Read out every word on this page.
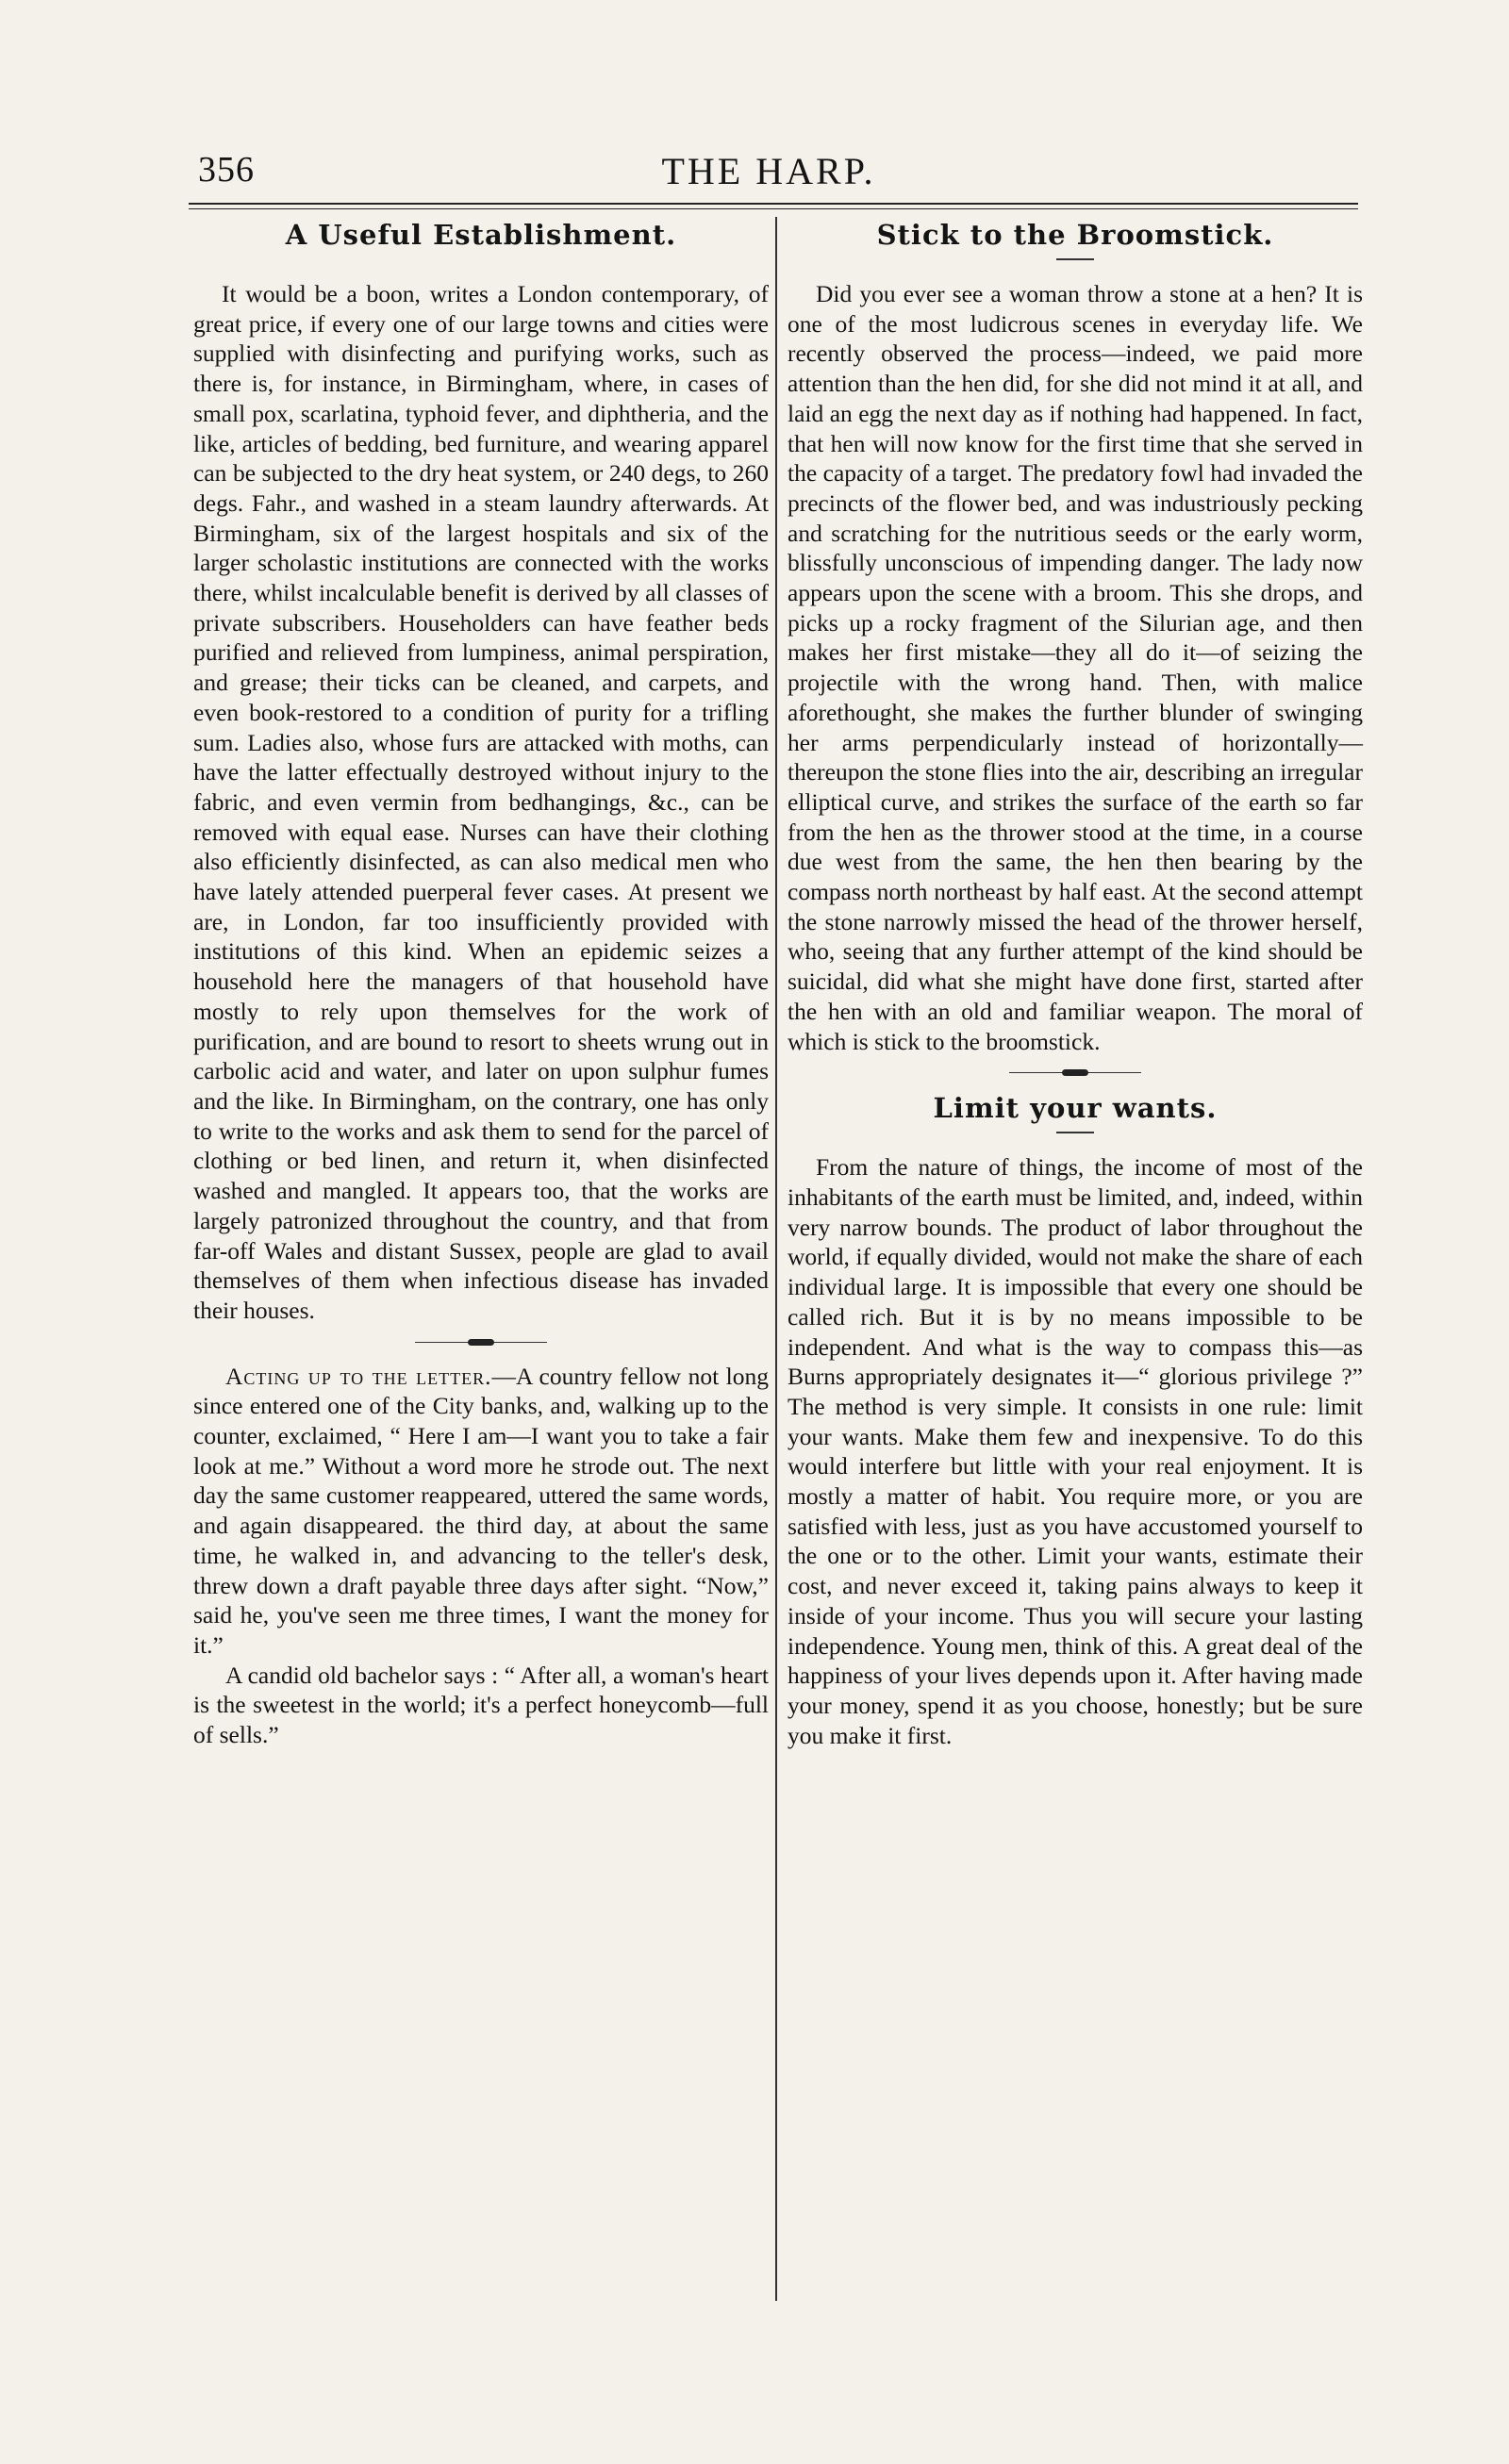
356	THE HARP.
A Useful Establishment.

It would be a boon, writes a London contemporary, of great price, if every one of our large towns and cities were supplied with disinfecting and purifying works, such as there is, for instance, in Birmingham, where, in cases of small pox, scarlatina, typhoid fever, and diphtheria, and the like, articles of bedding, bed furniture, and wearing apparel can be subjected to the dry heat system, or 240 degs, to 260 degs. Fahr., and washed in a steam laundry afterwards. At Birmingham, six of the largest hospitals and six of the larger scholastic institutions are connected with the works there, whilst incalculable benefit is derived by all classes of private subscribers. Householders can have feather beds purified and relieved from lumpiness, animal perspiration, and grease; their ticks can be cleaned, and carpets, and even book-restored to a condition of purity for a trifling sum. Ladies also, whose furs are attacked with moths, can have the latter effectually destroyed without injury to the fabric, and even vermin from bedhangings, &c., can be removed with equal ease. Nurses can have their clothing also efficiently disinfected, as can also medical men who have lately attended puerperal fever cases. At present we are, in London, far too insufficiently provided with institutions of this kind. When an epidemic seizes a household here the managers of that household have mostly to rely upon themselves for the work of purification, and are bound to resort to sheets wrung out in carbolic acid and water, and later on upon sulphur fumes and the like. In Birmingham, on the contrary, one has only to write to the works and ask them to send for the parcel of clothing or bed linen, and return it, when disinfected washed and mangled. It appears too, that the works are largely patronized throughout the country, and that from far-off Wales and distant Sussex, people are glad to avail themselves of them when infectious disease has invaded their houses.

Acting up to the letter.—A country fellow not long since entered one of the City banks, and, walking up to the counter, exclaimed, “ Here I am—I want you to take a fair look at me.” Without a word more he strode out. The next day the same customer reappeared, uttered the same words, and again disappeared. the third day, at about the same time, he walked in, and advancing to the teller's desk, threw down a draft payable three days after sight. “Now,” said he, you've seen me three times, I want the money for it.”

A candid old bachelor says : “ After all, a woman's heart is the sweetest in the world; it's a perfect honeycomb—full of sells.”

Stick to the Broomstick.

Did you ever see a woman throw a stone at a hen? It is one of the most ludicrous scenes in everyday life. We recently observed the process—indeed, we paid more attention than the hen did, for she did not mind it at all, and laid an egg the next day as if nothing had happened. In fact, that hen will now know for the first time that she served in the capacity of a target. The predatory fowl had invaded the precincts of the flower bed, and was industriously pecking and scratching for the nutritious seeds or the early worm, blissfully unconscious of impending danger. The lady now appears upon the scene with a broom. This she drops, and picks up a rocky fragment of the Silurian age, and then makes her first mistake—they all do it—of seizing the projectile with the wrong hand. Then, with malice aforethought, she makes the further blunder of swinging her arms perpendicularly instead of horizontally—thereupon the stone flies into the air, describing an irregular elliptical curve, and strikes the surface of the earth so far from the hen as the thrower stood at the time, in a course due west from the same, the hen then bearing by the compass north northeast by half east. At the second attempt the stone narrowly missed the head of the thrower herself, who, seeing that any further attempt of the kind should be suicidal, did what she might have done first, started after the hen with an old and familiar weapon. The moral of which is stick to the broomstick.

Limit your wants.

From the nature of things, the income of most of the inhabitants of the earth must be limited, and, indeed, within very narrow bounds. The product of labor throughout the world, if equally divided, would not make the share of each individual large. It is impossible that every one should be called rich. But it is by no means impossible to be independent. And what is the way to compass this—as Burns appropriately designates it—“ glorious privilege ?” The method is very simple. It consists in one rule: limit your wants. Make them few and inexpensive. To do this would interfere but little with your real enjoyment. It is mostly a matter of habit. You require more, or you are satisfied with less, just as you have accustomed yourself to the one or to the other. Limit your wants, estimate their cost, and never exceed it, taking pains always to keep it inside of your income. Thus you will secure your lasting independence. Young men, think of this. A great deal of the happiness of your lives depends upon it. After having made your money, spend it as you choose, honestly; but be sure you make it first.
